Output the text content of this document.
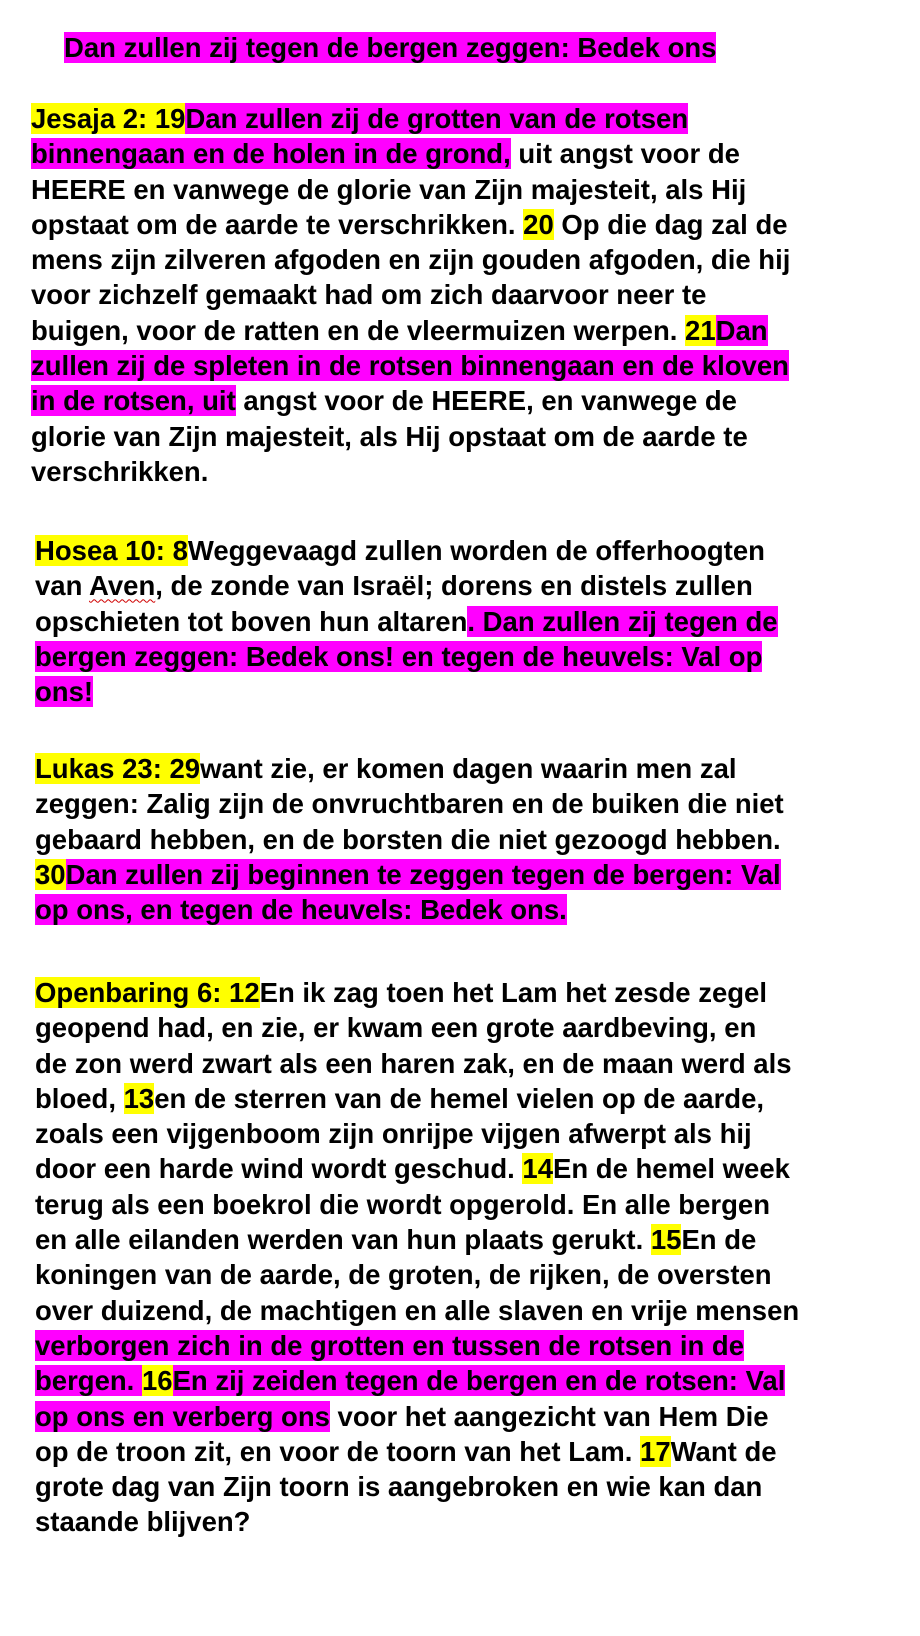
Dan zullen zij tegen de bergen zeggen: Bedek ons
Jesaja 2: 19Dan zullen zij de grotten van de rotsen
binnengaan en de holen in de grond, uit angst voor de
HEERE en vanwege de glorie van Zijn majesteit, als Hij
opstaat om de aarde te verschrikken. 20 Op die dag zal de
mens zijn zilveren afgoden en zijn gouden afgoden, die hij
voor zichzelf gemaakt had om zich daarvoor neer te
buigen, voor de ratten en de vleermuizen werpen. 21Dan
zullen zij de spleten in de rotsen binnengaan en de kloven
in de rotsen, uit angst voor de HEERE, en vanwege de
glorie van Zijn majesteit, als Hij opstaat om de aarde te
verschrikken.
Hosea 10: 8Weggevaagd zullen worden de offerhoogten
van Aven, de zonde van Israël; dorens en distels zullen
opschieten tot boven hun altaren. Dan zullen zij tegen de
bergen zeggen: Bedek ons! en tegen de heuvels: Val op
ons!
Lukas 23: 29want zie, er komen dagen waarin men zal
zeggen: Zalig zijn de onvruchtbaren en de buiken die niet
gebaard hebben, en de borsten die niet gezoogd hebben.
30Dan zullen zij beginnen te zeggen tegen de bergen: Val
op ons, en tegen de heuvels: Bedek ons.
Openbaring 6: 12En ik zag toen het Lam het zesde zegel
geopend had, en zie, er kwam een grote aardbeving, en
de zon werd zwart als een haren zak, en de maan werd als
bloed, 13en de sterren van de hemel vielen op de aarde,
zoals een vijgenboom zijn onrijpe vijgen afwerpt als hij
door een harde wind wordt geschud. 14En de hemel week
terug als een boekrol die wordt opgerold. En alle bergen
en alle eilanden werden van hun plaats gerukt. 15En de
koningen van de aarde, de groten, de rijken, de oversten
over duizend, de machtigen en alle slaven en vrije mensen
verborgen zich in de grotten en tussen de rotsen in de
bergen. 16En zij zeiden tegen de bergen en de rotsen: Val
op ons en verberg ons voor het aangezicht van Hem Die
op de troon zit, en voor de toorn van het Lam. 17Want de
grote dag van Zijn toorn is aangebroken en wie kan dan
staande blijven?
